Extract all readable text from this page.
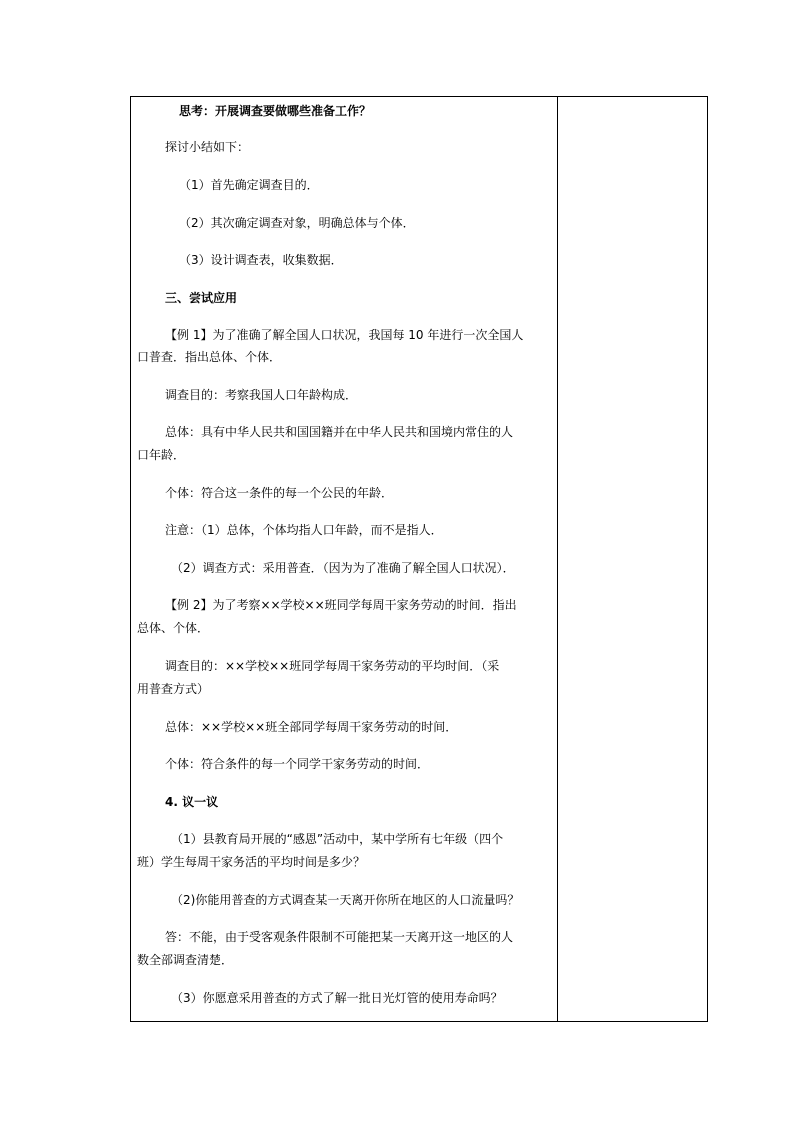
思考：开展调查要做哪些准备工作？
探讨小结如下：
（1）首先确定调查目的．
（2）其次确定调查对象，明确总体与个体．
（3）设计调查表，收集数据．
三、尝试应用
【例 1】为了准确了解全国人口状况，我国每 10 年进行一次全国人
口普查．指出总体、个体．
调查目的：考察我国人口年龄构成．
总体：具有中华人民共和国国籍并在中华人民共和国境内常住的人
口年龄．
个体：符合这一条件的每一个公民的年龄．
注意：（1）总体，个体均指人口年龄，而不是指人．
（2）调查方式：采用普查．（因为为了准确了解全国人口状况）．
【例 2】为了考察××学校××班同学每周干家务劳动的时间．指出
总体、个体．
调查目的：××学校××班同学每周干家务劳动的平均时间．（采
用普查方式）
总体：××学校××班全部同学每周干家务劳动的时间．
个体：符合条件的每一个同学干家务劳动的时间．
4. 议一议
（1）县教育局开展的“感恩”活动中，某中学所有七年级（四个
班）学生每周干家务活的平均时间是多少？
（2)你能用普查的方式调查某一天离开你所在地区的人口流量吗？
答：不能，由于受客观条件限制不可能把某一天离开这一地区的人
数全部调查清楚．
（3）你愿意采用普查的方式了解一批日光灯管的使用寿命吗？
